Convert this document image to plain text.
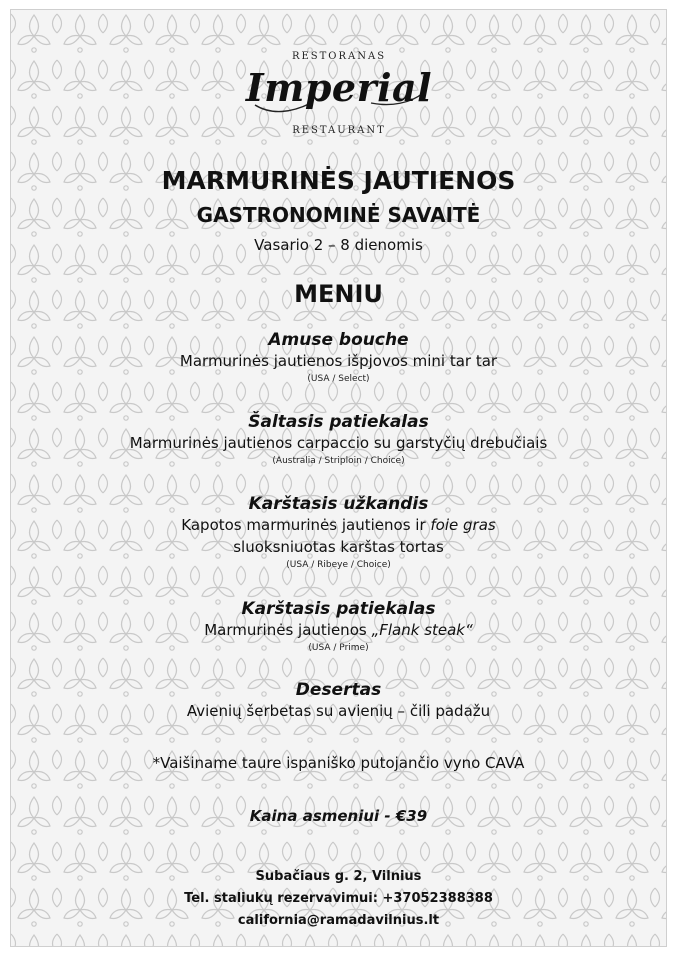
RESTORANAS
Imperial
RESTAURANT
MARMURINĖS JAUTIENOS
GASTRONOMINĖ SAVAITĖ
Vasario 2 – 8 dienomis
MENIU
Amuse bouche
Marmurinės jautienos išpjovos mini tar tar
(USA / Select)
Šaltasis patiekalas
Marmurinės jautienos carpaccio su garstyčių drebučiais
(Australia / Striploin / Choice)
Karštasis užkandis
Kapotos marmurinės jautienos ir foie gras
sluoksniuotas karštas tortas
(USA / Ribeye / Choice)
Karštasis patiekalas
Marmurinės jautienos „Flank steak“
(USA / Prime)
Desertas
Avienių šerbetas su avienių – čili padažu
*Vaišiname taure ispaniško putojančio vyno CAVA
Kaina asmeniui - €39
Subačiaus g. 2, Vilnius
Tel. staliukų rezervavimui: +37052388388
california@ramadavilnius.lt
